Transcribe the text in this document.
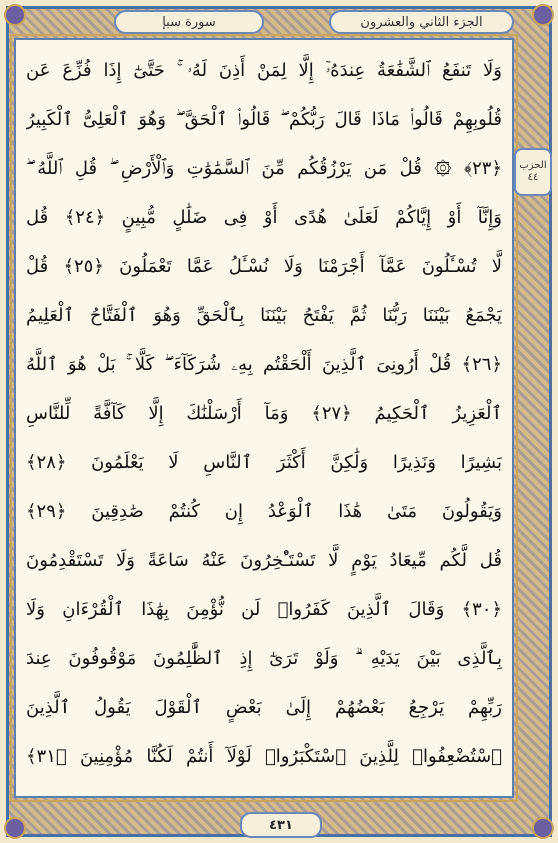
سورة سبإ	الجزء الثاني والعشرون
الحزب
٤٤
وَلَا تَنفَعُ ٱلشَّفَٰعَةُ عِندَهُۥٓ إِلَّا لِمَنْ أَذِنَ لَهُۥ ۚ حَتَّىٰٓ إِذَا فُزِّعَ عَن
قُلُوبِهِمْ قَالُوا۟ مَاذَا قَالَ رَبُّكُمْ ۖ قَالُوا۟ ٱلْحَقَّ ۖ وَهُوَ ٱلْعَلِىُّ ٱلْكَبِيرُ
﴿٢٣﴾ ۞ قُلْ مَن يَرْزُقُكُم مِّنَ ٱلسَّمَٰوَٰتِ وَٱلْأَرْضِ ۖ قُلِ ٱللَّهُ ۖ
وَإِنَّآ أَوْ إِيَّاكُمْ لَعَلَىٰ هُدًى أَوْ فِى ضَلَٰلٍ مُّبِينٍ ﴿٢٤﴾ قُل
لَّا تُسْـَٔلُونَ عَمَّآ أَجْرَمْنَا وَلَا نُسْـَٔلُ عَمَّا تَعْمَلُونَ ﴿٢٥﴾ قُلْ
يَجْمَعُ بَيْنَنَا رَبُّنَا ثُمَّ يَفْتَحُ بَيْنَنَا بِٱلْحَقِّ وَهُوَ ٱلْفَتَّاحُ ٱلْعَلِيمُ
﴿٢٦﴾ قُلْ أَرُونِىَ ٱلَّذِينَ أَلْحَقْتُم بِهِۦ شُرَكَآءَ ۖ كَلَّا ۚ بَلْ هُوَ ٱللَّهُ
ٱلْعَزِيزُ ٱلْحَكِيمُ ﴿٢٧﴾ وَمَآ أَرْسَلْنَٰكَ إِلَّا كَآفَّةً لِّلنَّاسِ
بَشِيرًا وَنَذِيرًا وَلَٰكِنَّ أَكْثَرَ ٱلنَّاسِ لَا يَعْلَمُونَ ﴿٢٨﴾
وَيَقُولُونَ مَتَىٰ هَٰذَا ٱلْوَعْدُ إِن كُنتُمْ صَٰدِقِينَ ﴿٢٩﴾
قُل لَّكُم مِّيعَادُ يَوْمٍ لَّا تَسْتَـْٔخِرُونَ عَنْهُ سَاعَةً وَلَا تَسْتَقْدِمُونَ
﴿٣٠﴾ وَقَالَ ٱلَّذِينَ كَفَرُوا۟ لَن نُّؤْمِنَ بِهَٰذَا ٱلْقُرْءَانِ وَلَا
بِٱلَّذِى بَيْنَ يَدَيْهِ ۗ وَلَوْ تَرَىٰٓ إِذِ ٱلظَّٰلِمُونَ مَوْقُوفُونَ عِندَ
رَبِّهِمْ يَرْجِعُ بَعْضُهُمْ إِلَىٰ بَعْضٍ ٱلْقَوْلَ يَقُولُ ٱلَّذِينَ
ٱسْتُضْعِفُوا۟ لِلَّذِينَ ٱسْتَكْبَرُوا۟ لَوْلَآ أَنتُمْ لَكُنَّا مُؤْمِنِينَ ﴿٣١﴾
٤٣١
